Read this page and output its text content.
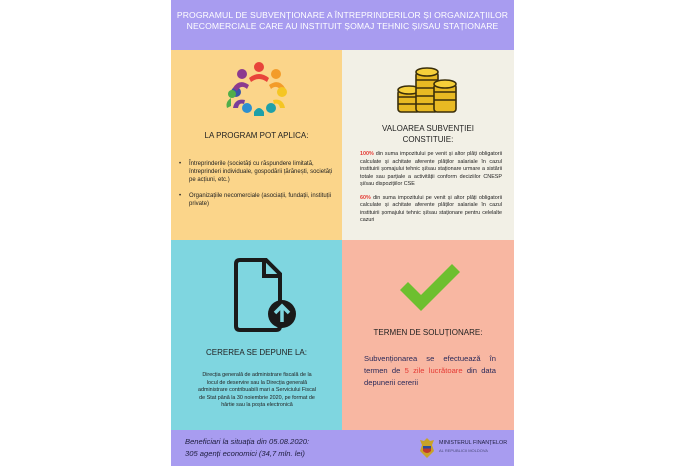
PROGRAMUL DE SUBVENȚIONARE A ÎNTREPRINDERILOR ȘI ORGANIZAȚIILOR
NECOMERCIALE CARE AU INSTITUIT ȘOMAJ TEHNIC ȘI/SAU STAȚIONARE
LA PROGRAM POT APLICA:
• Întreprinderile (societăți cu răspundere limitată, întreprinderi individuale, gospodării țărănești, societăți pe acțiuni, etc.)
• Organizațiile necomerciale (asociații, fundații, instituții private)
VALOAREA SUBVENȚIEI
CONSTITUIE:

100% din suma impozitului pe venit și altor plăți obligatorii calculate și achitate aferente plăților salariale în cazul instituirii șomajului tehnic și/sau staționare urmare a sistării totale sau parțiale a activității conform deciziilor CNESP și/sau dispozițiilor CSE

60% din suma impozitului pe venit și altor plăți obligatorii calculate și achitate aferente plăților salariale în cazul instituirii șomajului tehnic și/sau staționare pentru celelalte cazuri

CEREREA SE DEPUNE LA:
Direcția generală de administrare fiscală de la locul de deservire sau la Direcția generală administrare contribuabili mari a Serviciului Fiscal de Stat până la 30 noiembrie 2020, pe format de hârtie sau la poșta electronică
TERMEN DE SOLUȚIONARE:
Subvenționarea se efectuează în termen de 5 zile lucrătoare din data depunerii cererii
Beneficiari la situația din 05.08.2020:
305 agenți economici (34,7 mln. lei)
MINISTERUL FINANȚELOR
AL REPUBLICII MOLDOVA
